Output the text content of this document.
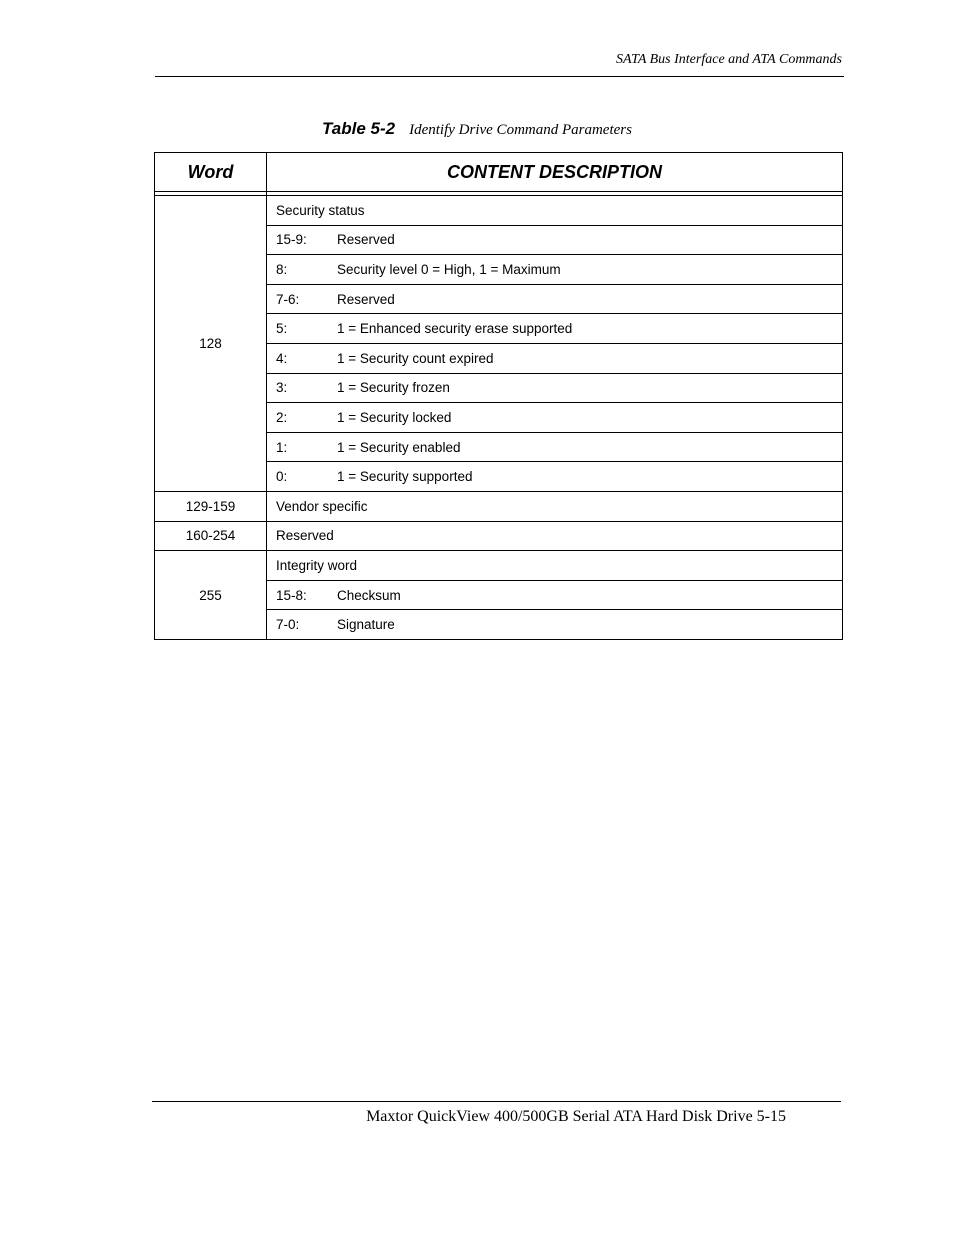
SATA Bus Interface and ATA Commands
Table 5-2 Identify Drive Command Parameters
Word	CONTENT DESCRIPTION

128	Security status
	15-9: Reserved
	8: Security level 0 = High, 1 = Maximum
	7-6: Reserved
	5: 1 = Enhanced security erase supported
	4: 1 = Security count expired
	3: 1 = Security frozen
	2: 1 = Security locked
	1: 1 = Security enabled
	0: 1 = Security supported
129-159	Vendor specific
160-254	Reserved
255	Integrity word
	15-8: Checksum
	7-0: Signature
Maxtor QuickView 400/500GB Serial ATA Hard Disk Drive 5-15
